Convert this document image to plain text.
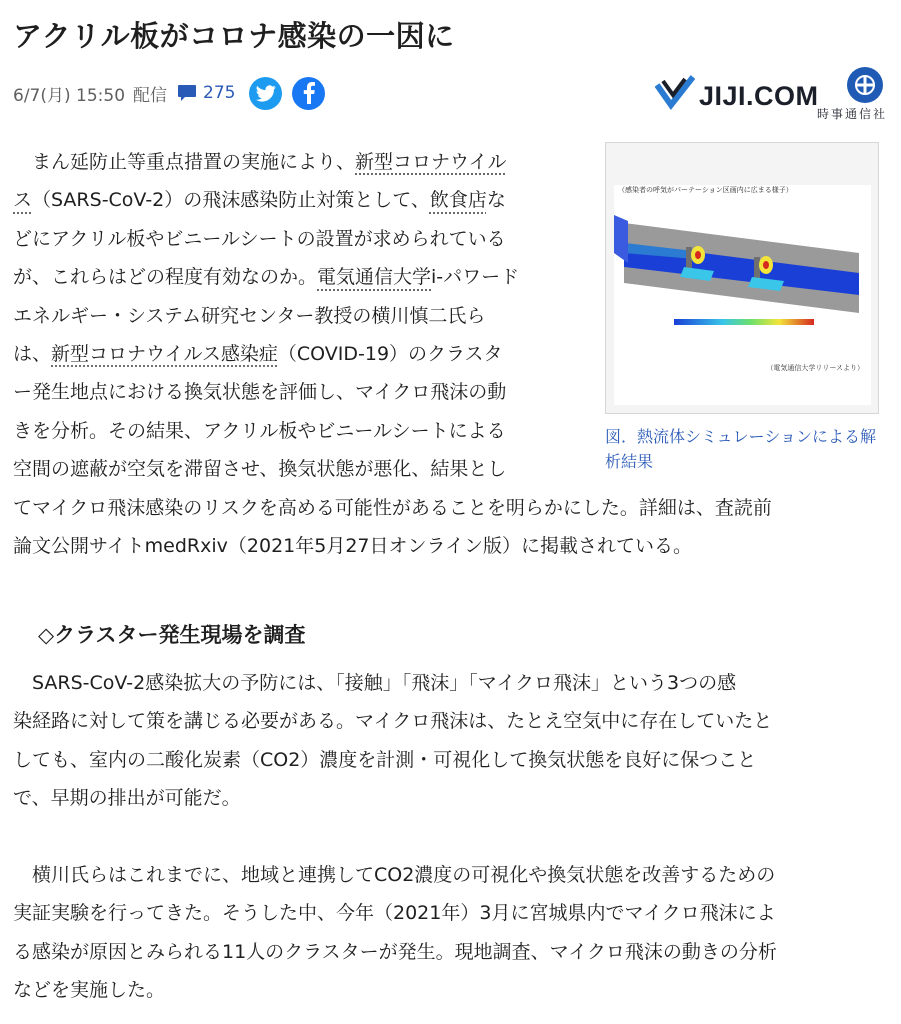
アクリル板がコロナ感染の一因に
6/7(月) 15:50 配信 275	JIJI.COM
時事通信社
（感染者の呼気がパーテーション区画内に広まる様子）
（電気通信大学リリースより）
図．熱流体シミュレーションによる解析結果
　まん延防止等重点措置の実施により、新型コロナウイル
ス（SARS-CoV-2）の飛沫感染防止対策として、飲食店な
どにアクリル板やビニールシートの設置が求められている
が、これらはどの程度有効なのか。電気通信大学i-パワード
エネルギー・システム研究センター教授の横川慎二氏ら
は、新型コロナウイルス感染症（COVID-19）のクラスタ
ー発生地点における換気状態を評価し、マイクロ飛沫の動
きを分析。その結果、アクリル板やビニールシートによる
空間の遮蔽が空気を滞留させ、換気状態が悪化、結果とし
てマイクロ飛沫感染のリスクを高める可能性があることを明らかにした。詳細は、査読前
論文公開サイトmedRxiv（2021年5月27日オンライン版）に掲載されている。
◇クラスター発生現場を調査
　SARS-CoV-2感染拡大の予防には、「接触」「飛沫」「マイクロ飛沫」という3つの感
染経路に対して策を講じる必要がある。マイクロ飛沫は、たとえ空気中に存在していたと
しても、室内の二酸化炭素（CO2）濃度を計測・可視化して換気状態を良好に保つこと
で、早期の排出が可能だ。
　横川氏らはこれまでに、地域と連携してCO2濃度の可視化や換気状態を改善するための
実証実験を行ってきた。そうした中、今年（2021年）3月に宮城県内でマイクロ飛沫によ
る感染が原因とみられる11人のクラスターが発生。現地調査、マイクロ飛沫の動きの分析
などを実施した。
